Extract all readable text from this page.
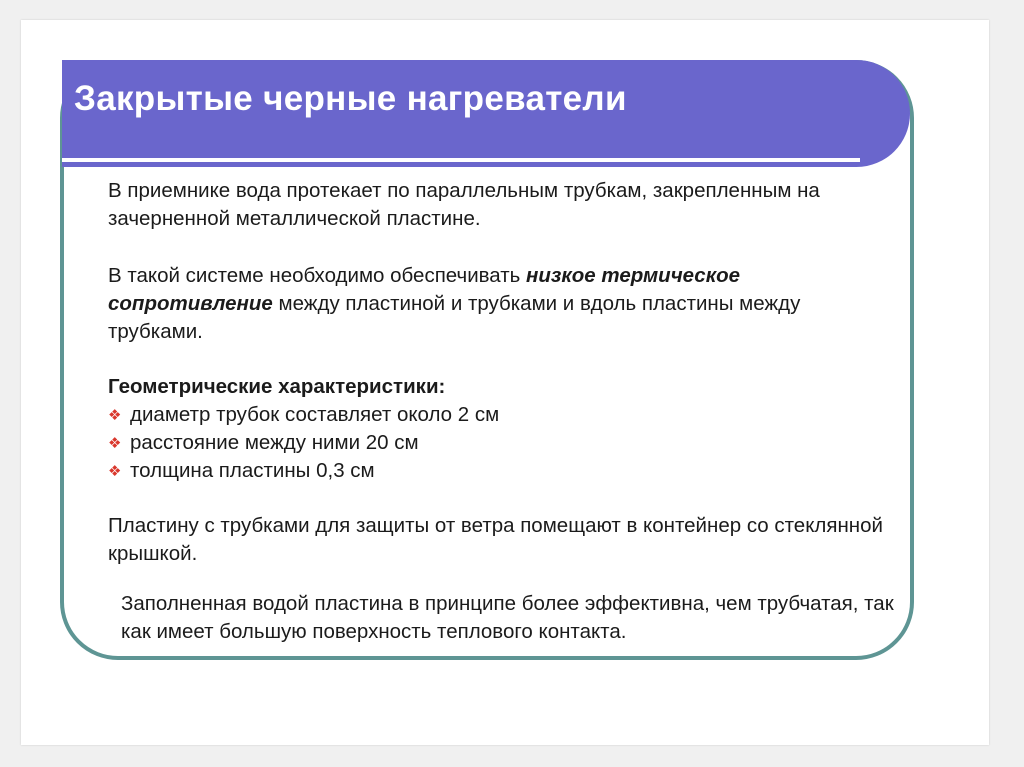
Закрытые черные нагреватели

В приемнике вода протекает по параллельным трубкам, закрепленным на зачерненной металлической пластине.

В такой системе необходимо обеспечивать низкое термическое сопротивление между пластиной и трубками и вдоль пластины между трубками.

Геометрические характеристики:
❖ диаметр трубок составляет около 2 см
❖ расстояние между ними 20 см
❖ толщина пластины 0,3 см

Пластину с трубками для защиты от ветра помещают в контейнер со стеклянной крышкой.

Заполненная водой пластина в принципе более эффективна, чем трубчатая, так как имеет большую поверхность теплового контакта.
